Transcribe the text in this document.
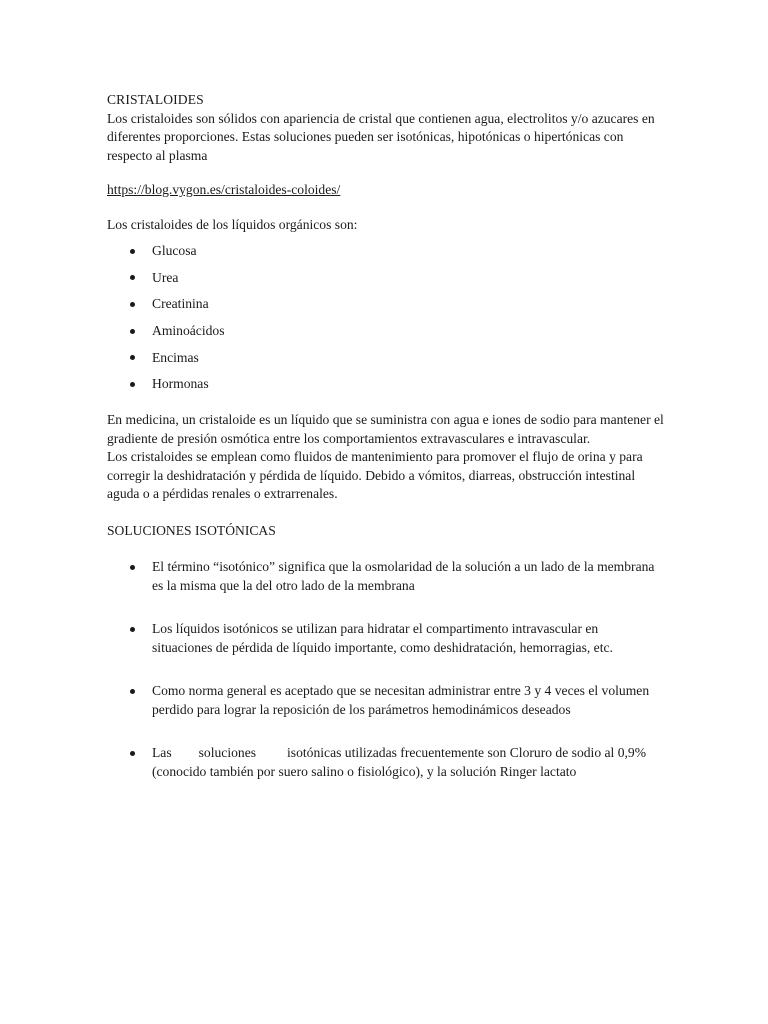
CRISTALOIDES

Los cristaloides son sólidos con apariencia de cristal que contienen agua, electrolitos y/o azucares en diferentes proporciones. Estas soluciones pueden ser isotónicas, hipotónicas o hipertónicas con respecto al plasma

https://blog.vygon.es/cristaloides-coloides/

Los cristaloides de los líquidos orgánicos son:

Glucosa
Urea
Creatinina
Aminoácidos
Encimas
Hormonas

En medicina, un cristaloide es un líquido que se suministra con agua e iones de sodio para mantener el gradiente de presión osmótica entre los comportamientos extravasculares e intravascular.

Los cristaloides se emplean como fluidos de mantenimiento para promover el flujo de orina y para corregir la deshidratación y pérdida de líquido. Debido a vómitos, diarreas, obstrucción intestinal aguda o a pérdidas renales o extrarrenales.

SOLUCIONES ISOTÓNICAS

El término “isotónico” significa que la osmolaridad de la solución a un lado de la membrana es la misma que la del otro lado de la membrana
Los líquidos isotónicos se utilizan para hidratar el compartimento intravascular en situaciones de pérdida de líquido importante, como deshidratación, hemorragias, etc.
Como norma general es aceptado que se necesitan administrar entre 3 y 4 veces el volumen perdido para lograr la reposición de los parámetros hemodinámicos deseados
Las soluciones isotónicas utilizadas frecuentemente son Cloruro de sodio al 0,9% (conocido también por suero salino o fisiológico), y la solución Ringer lactato
